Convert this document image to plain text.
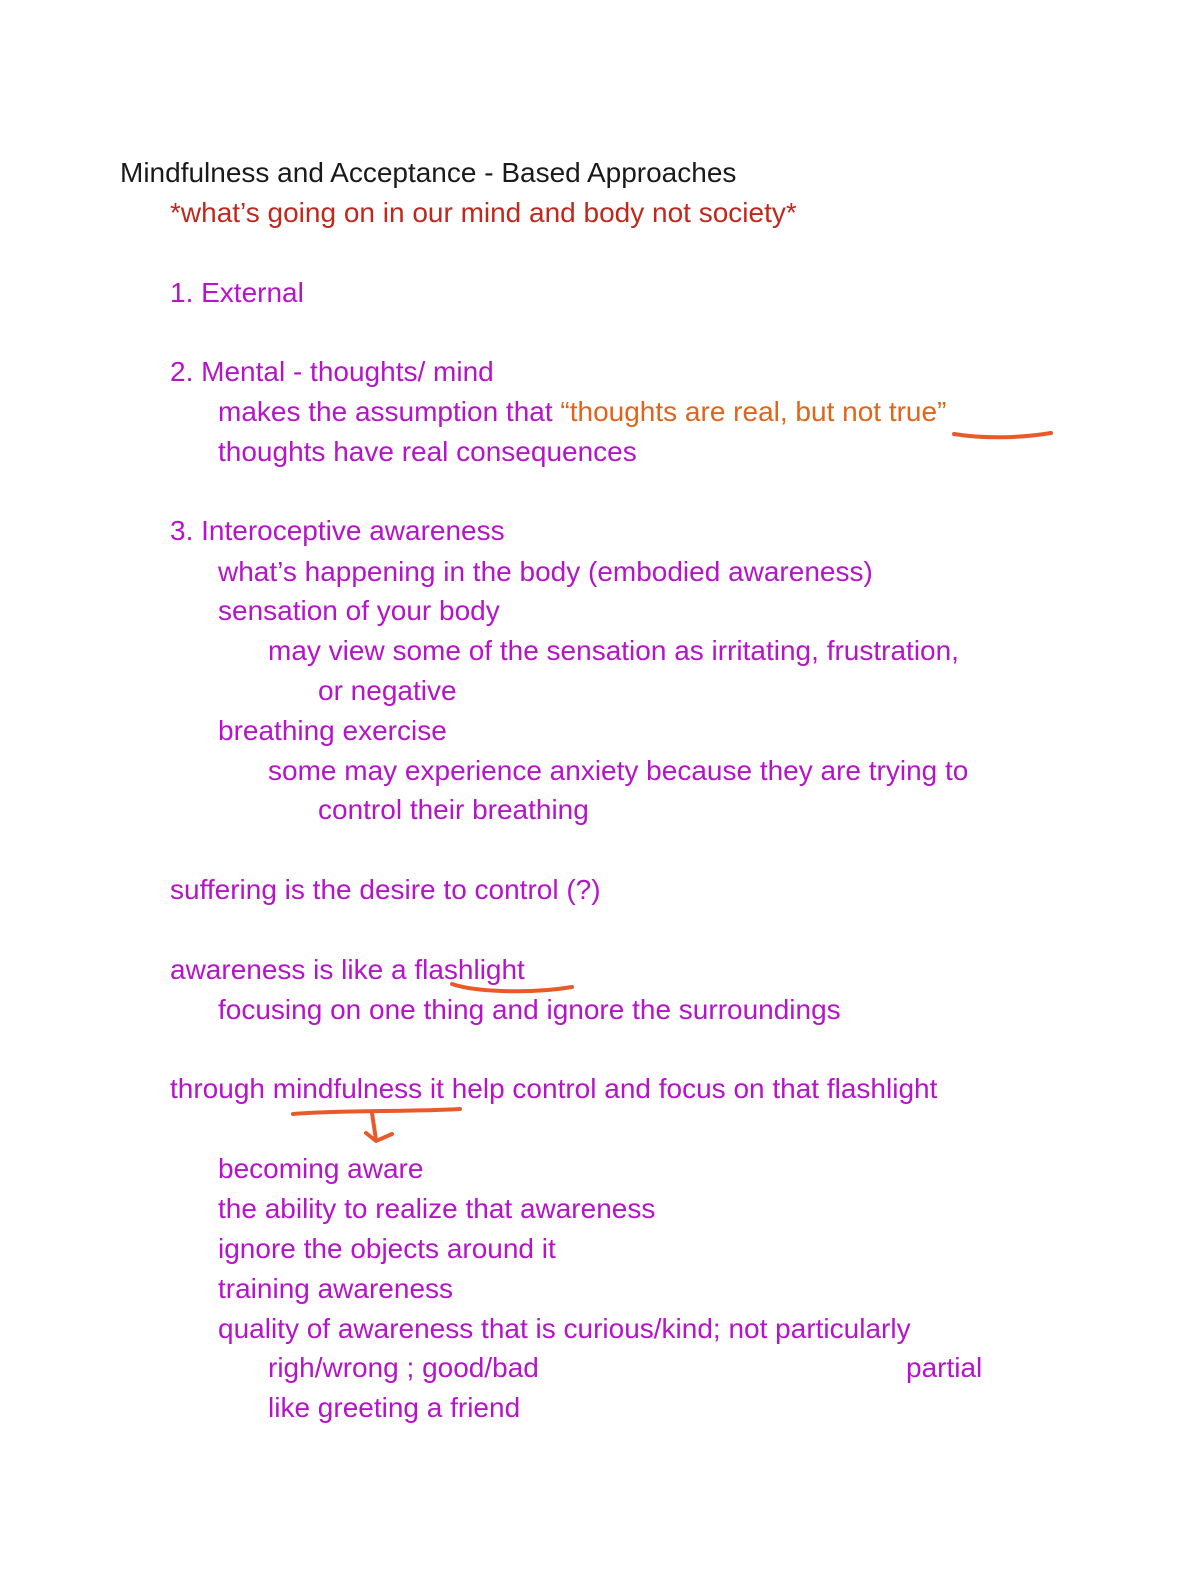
Mindfulness and Acceptance - Based Approaches
*what’s going on in our mind and body not society*
1. External
2. Mental - thoughts/ mind
makes the assumption that “thoughts are real, but not true”
thoughts have real consequences
3. Interoceptive awareness
what’s happening in the body (embodied awareness)
sensation of your body
may view some of the sensation as irritating, frustration,
or negative
breathing exercise
some may experience anxiety because they are trying to
control their breathing
suffering is the desire to control (?)
awareness is like a flashlight
focusing on one thing and ignore the surroundings
through mindfulness it help control and focus on that flashlight
becoming aware
the ability to realize that awareness
ignore the objects around it
training awareness
quality of awareness that is curious/kind; not particularly
righ/wrong ; good/bad	partial
like greeting a friend
